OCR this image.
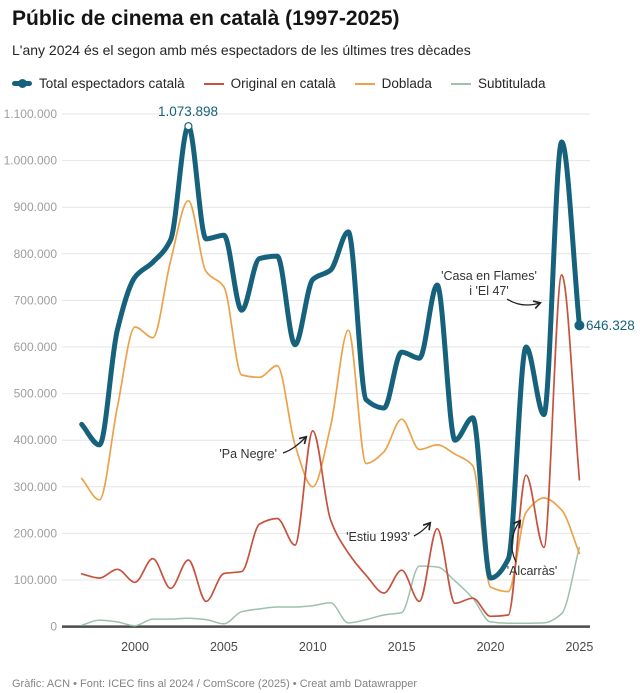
Públic de cinema en català (1997-2025)
L'any 2024 és el segon amb més espectadors de les últimes tres dècades
Total espectadors català	Original en català	Doblada	Subtitulada
0
100.000
200.000
300.000
400.000
500.000
600.000
700.000
800.000
900.000
1.000.000
1.100.000
2000	2005	2010	2015	2020	2025
1.073.898
646.328
'Casa en Flames'
i 'El 47'
'Pa Negre'
'Estiu 1993'
'Alcarràs'
Gràfic: ACN • Font: ICEC fins al 2024 / ComScore (2025) • Creat amb Datawrapper
